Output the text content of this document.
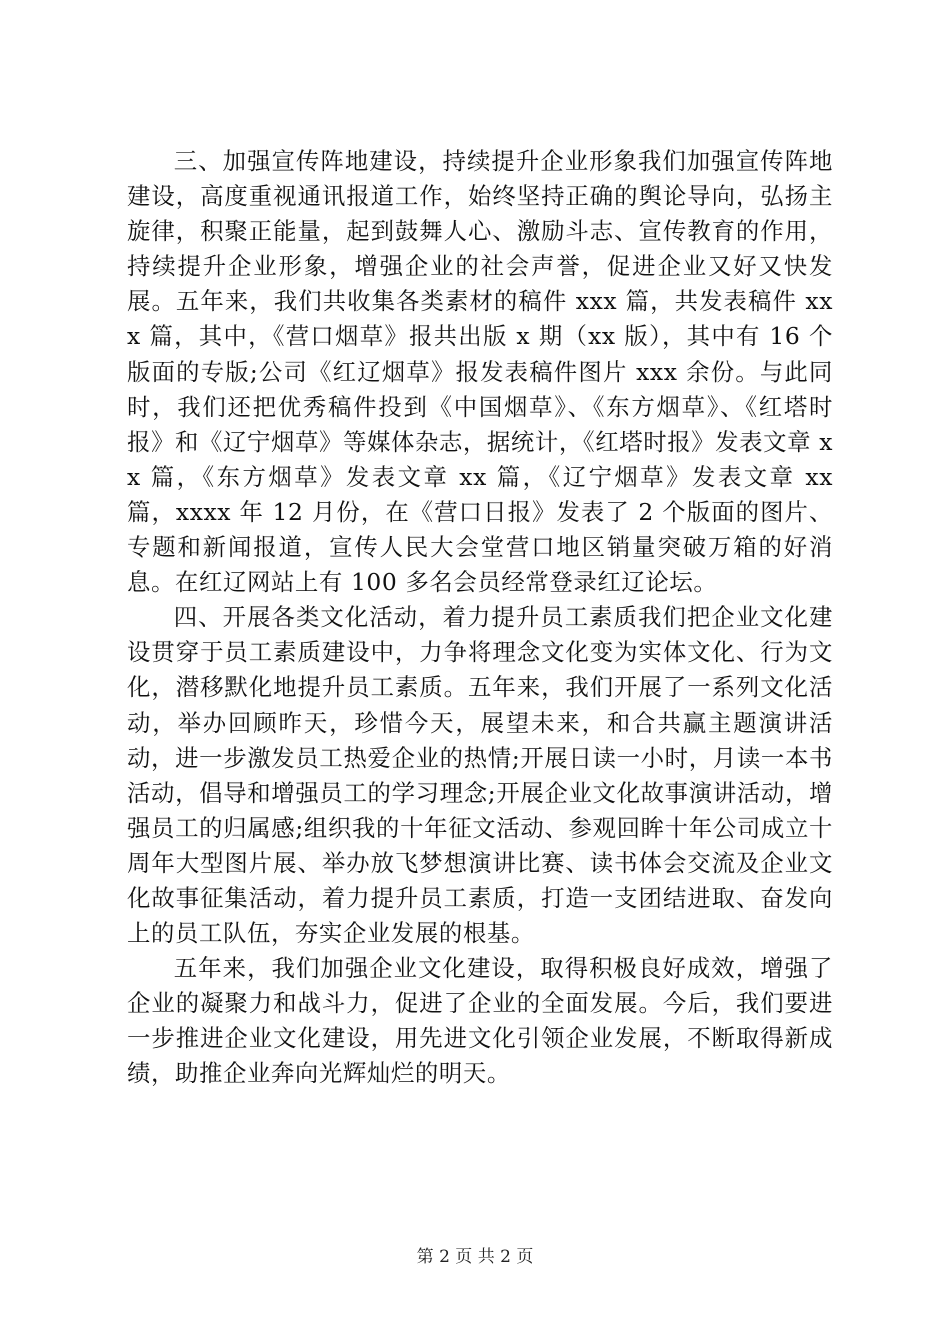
三、加强宣传阵地建设，持续提升企业形象我们加强宣传阵地建设，高度重视通讯报道工作，始终坚持正确的舆论导向，弘扬主旋律，积聚正能量，起到鼓舞人心、激励斗志、宣传教育的作用，持续提升企业形象，增强企业的社会声誉，促进企业又好又快发展。五年来，我们共收集各类素材的稿件 xxx 篇，共发表稿件 xxx 篇，其中，《营口烟草》报共出版 x 期（xx 版），其中有 16 个版面的专版;公司《红辽烟草》报发表稿件图片 xxx 余份。与此同时，我们还把优秀稿件投到《中国烟草》、《东方烟草》、《红塔时报》和《辽宁烟草》等媒体杂志，据统计，《红塔时报》发表文章 xx 篇，《东方烟草》发表文章 xx 篇，《辽宁烟草》发表文章 xx 篇，xxxx 年 12 月份，在《营口日报》发表了 2 个版面的图片、专题和新闻报道，宣传人民大会堂营口地区销量突破万箱的好消息。在红辽网站上有 100 多名会员经常登录红辽论坛。

四、开展各类文化活动，着力提升员工素质我们把企业文化建设贯穿于员工素质建设中，力争将理念文化变为实体文化、行为文化，潜移默化地提升员工素质。五年来，我们开展了一系列文化活动，举办回顾昨天，珍惜今天，展望未来，和合共赢主题演讲活动，进一步激发员工热爱企业的热情;开展日读一小时，月读一本书活动，倡导和增强员工的学习理念;开展企业文化故事演讲活动，增强员工的归属感;组织我的十年征文活动、参观回眸十年公司成立十周年大型图片展、举办放飞梦想演讲比赛、读书体会交流及企业文化故事征集活动，着力提升员工素质，打造一支团结进取、奋发向上的员工队伍，夯实企业发展的根基。

五年来，我们加强企业文化建设，取得积极良好成效，增强了企业的凝聚力和战斗力，促进了企业的全面发展。今后，我们要进一步推进企业文化建设，用先进文化引领企业发展，不断取得新成绩，助推企业奔向光辉灿烂的明天。

第 2 页 共 2 页
